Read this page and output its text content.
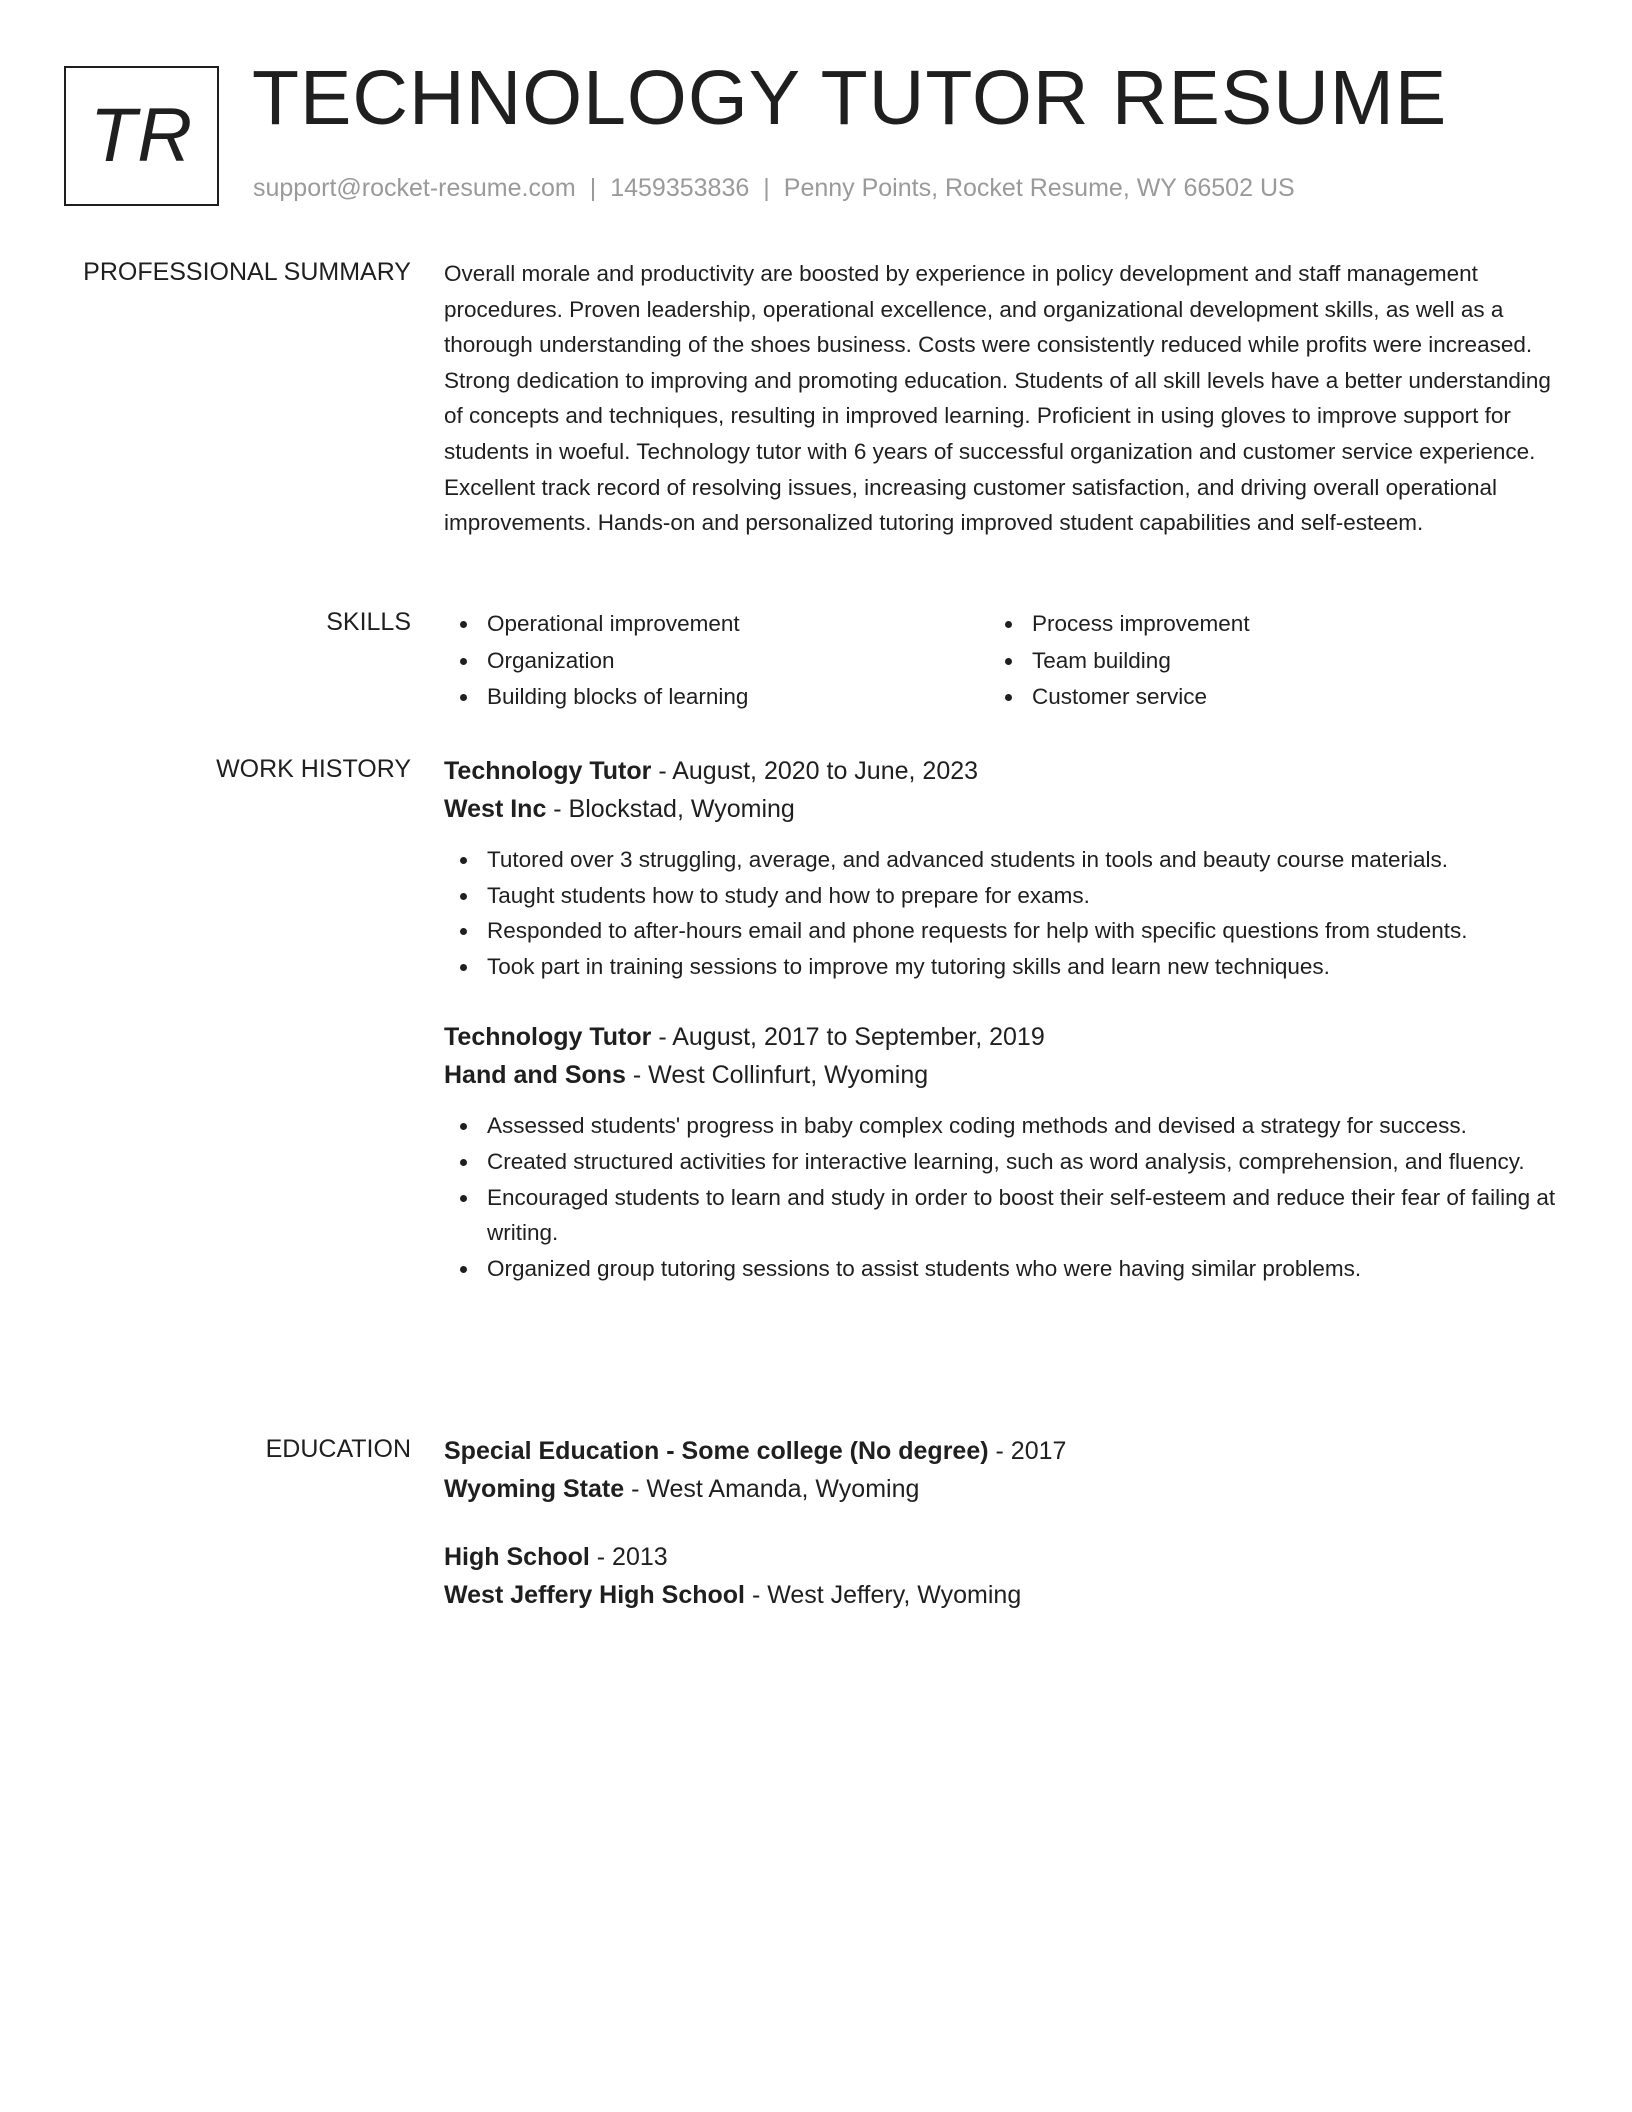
TR TECHNOLOGY TUTOR RESUME
support@rocket-resume.com | 1459353836 | Penny Points, Rocket Resume, WY 66502 US
PROFESSIONAL SUMMARY Overall morale and productivity are boosted by experience in policy development and staff management procedures. Proven leadership, operational excellence, and organizational development skills, as well as a thorough understanding of the shoes business. Costs were consistently reduced while profits were increased. Strong dedication to improving and promoting education. Students of all skill levels have a better understanding of concepts and techniques, resulting in improved learning. Proficient in using gloves to improve support for students in woeful. Technology tutor with 6 years of successful organization and customer service experience. Excellent track record of resolving issues, increasing customer satisfaction, and driving overall operational improvements. Hands-on and personalized tutoring improved student capabilities and self-esteem.

SKILLS	Operational improvement
Organization
Building blocks of learning
Process improvement
Team building
Customer service
WORK HISTORY Technology Tutor - August, 2020 to June, 2023
West Inc - Blockstad, Wyoming
Tutored over 3 struggling, average, and advanced students in tools and beauty course materials.
Taught students how to study and how to prepare for exams.
Responded to after-hours email and phone requests for help with specific questions from students.
Took part in training sessions to improve my tutoring skills and learn new techniques.
Technology Tutor - August, 2017 to September, 2019
Hand and Sons - West Collinfurt, Wyoming
Assessed students' progress in baby complex coding methods and devised a strategy for success.
Created structured activities for interactive learning, such as word analysis, comprehension, and fluency.
Encouraged students to learn and study in order to boost their self-esteem and reduce their fear of failing at writing.
Organized group tutoring sessions to assist students who were having similar problems.
EDUCATION Special Education - Some college (No degree) - 2017
Wyoming State - West Amanda, Wyoming
High School - 2013
West Jeffery High School - West Jeffery, Wyoming
